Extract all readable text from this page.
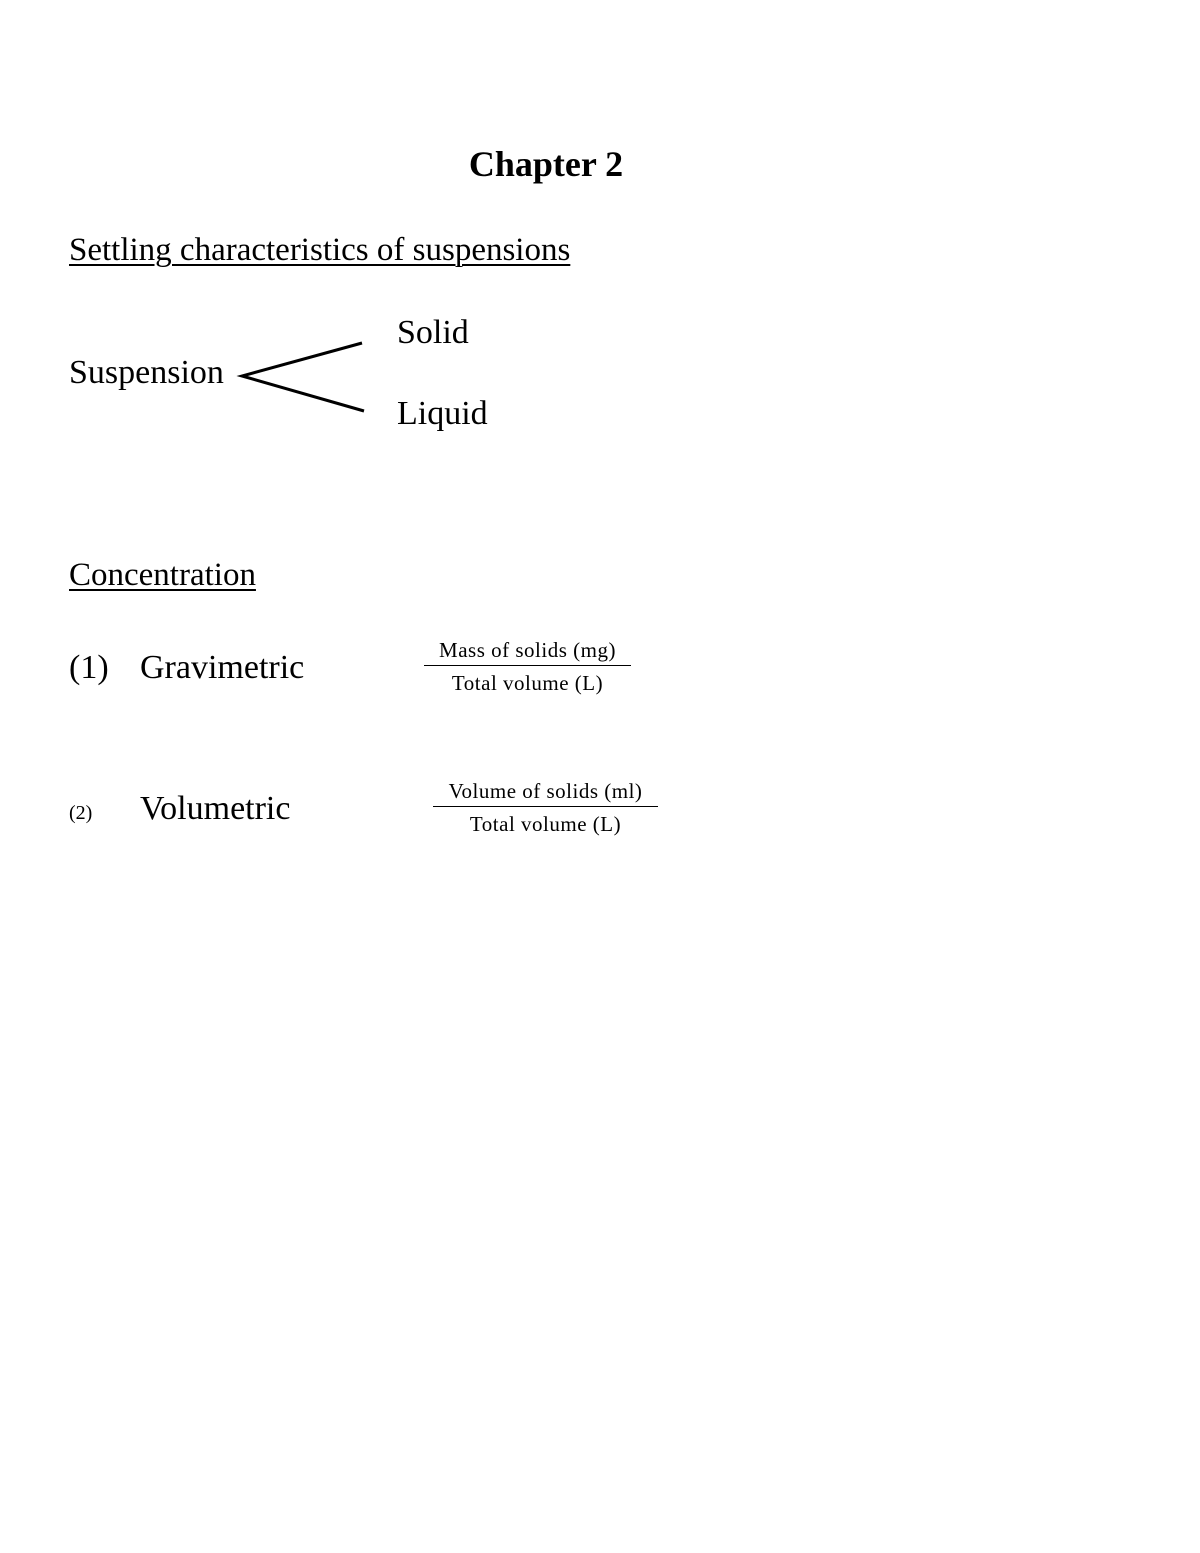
Chapter 2
Settling characteristics of suspensions
Suspension
Solid
Liquid
Concentration
(1) Gravimetric	Mass of solids (mg)
Total volume (L)
(2) Volumetric	Volume of solids (ml)
Total volume (L)
